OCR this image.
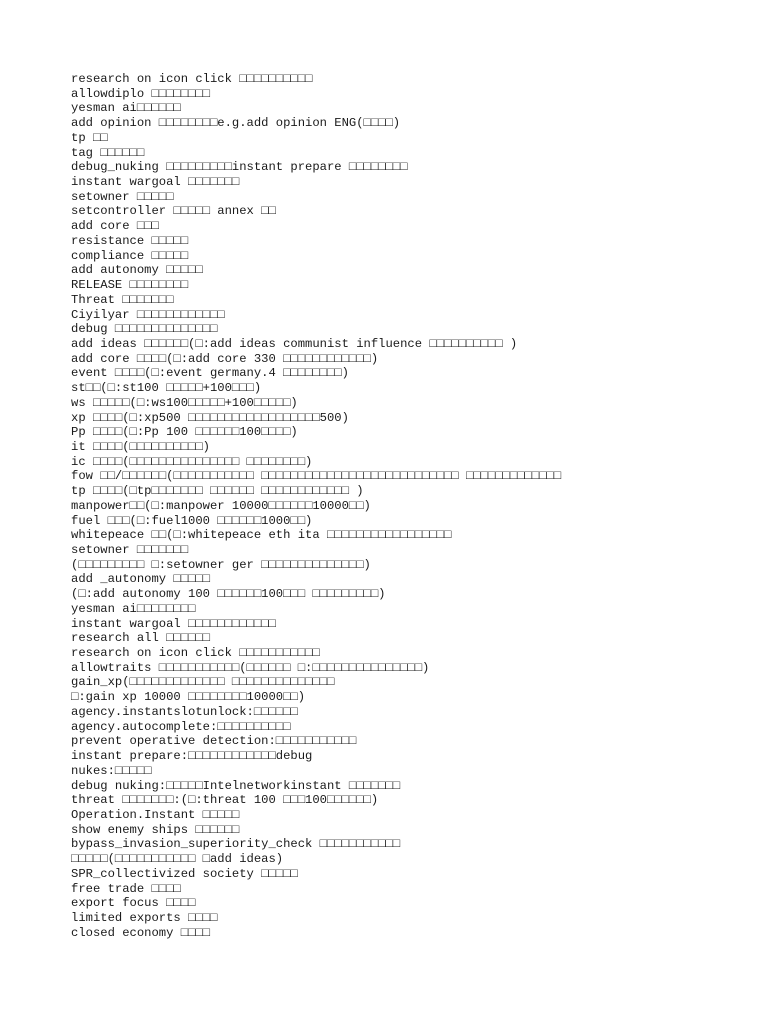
research on icon click □□□□□□□□□□
allowdiplo □□□□□□□□
yesman ai□□□□□□
add opinion □□□□□□□□e.g.add opinion ENG(□□□□)
tp □□
tag □□□□□□
debug_nuking □□□□□□□□□instant prepare □□□□□□□□
instant wargoal □□□□□□□
setowner □□□□□
setcontroller □□□□□ annex □□
add core □□□
resistance □□□□□
compliance □□□□□
add autonomy □□□□□
RELEASE □□□□□□□□
Threat □□□□□□□
Ciyilyar □□□□□□□□□□□□
debug □□□□□□□□□□□□□□
add ideas □□□□□□(□:add ideas communist influence □□□□□□□□□□ )
add core □□□□(□:add core 330 □□□□□□□□□□□□)
event □□□□(□:event germany.4 □□□□□□□□)
st□□(□:st100 □□□□□+100□□□)
ws □□□□□(□:ws100□□□□□+100□□□□□)
xp □□□□(□:xp500 □□□□□□□□□□□□□□□□□□500)
Pp □□□□(□:Pp 100 □□□□□□100□□□□)
it □□□□(□□□□□□□□□□)
ic □□□□(□□□□□□□□□□□□□□□ □□□□□□□□)
fow □□/□□□□□□(□□□□□□□□□□□ □□□□□□□□□□□□□□□□□□□□□□□□□□□ □□□□□□□□□□□□□
tp □□□□(□tp□□□□□□□ □□□□□□ □□□□□□□□□□□□ )
manpower□□(□:manpower 10000□□□□□□10000□□)
fuel □□□(□:fuel1000 □□□□□□1000□□)
whitepeace □□(□:whitepeace eth ita □□□□□□□□□□□□□□□□□
setowner □□□□□□□
(□□□□□□□□□ □:setowner ger □□□□□□□□□□□□□□)
add _autonomy □□□□□
(□:add autonomy 100 □□□□□□100□□□ □□□□□□□□□)
yesman ai□□□□□□□□
instant wargoal □□□□□□□□□□□□
research all □□□□□□
research on icon click □□□□□□□□□□□
allowtraits □□□□□□□□□□□(□□□□□□ □:□□□□□□□□□□□□□□□)
gain_xp(□□□□□□□□□□□□□ □□□□□□□□□□□□□□
□:gain xp 10000 □□□□□□□□10000□□)
agency.instantslotunlock:□□□□□□
agency.autocomplete:□□□□□□□□□□
prevent operative detection:□□□□□□□□□□□
instant prepare:□□□□□□□□□□□□debug
nukes:□□□□□
debug nuking:□□□□□Intelnetworkinstant □□□□□□□
threat □□□□□□□:(□:threat 100 □□□100□□□□□□)
Operation.Instant □□□□□
show enemy ships □□□□□□
bypass_invasion_superiority_check □□□□□□□□□□□
□□□□□(□□□□□□□□□□□ □add ideas)
SPR_collectivized society □□□□□
free trade □□□□
export focus □□□□
limited exports □□□□
closed economy □□□□
